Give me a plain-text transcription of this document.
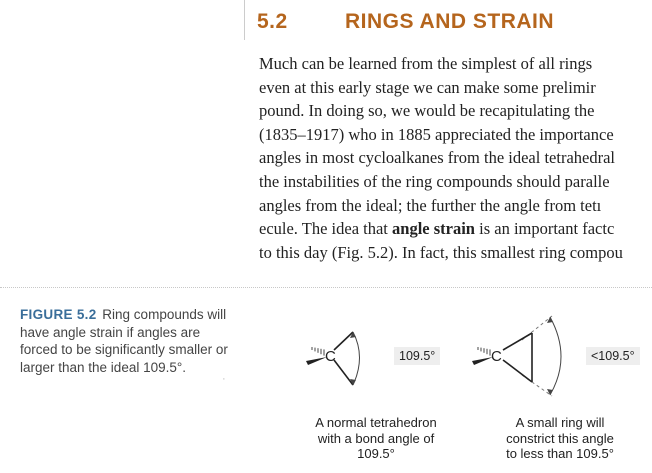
5.2	RINGS AND STRAIN
Much can be learned from the simplest of all rings
even at this early stage we can make some prelimir
pound. In doing so, we would be recapitulating the
(1835–1917) who in 1885 appreciated the importance
angles in most cycloalkanes from the ideal tetrahedral
the instabilities of the ring compounds should paralle
angles from the ideal; the further the angle from tetı
ecule. The idea that angle strain is an important factc
to this day (Fig. 5.2). In fact, this smallest ring compou
FIGURE 5.2 Ring compounds will have angle strain if angles are forced to be significantly smaller or larger than the ideal 109.5°.
·
C	C
109.5°	<109.5°
A normal tetrahedron
with a bond angle of
109.5°
A small ring will
constrict this angle
to less than 109.5°
